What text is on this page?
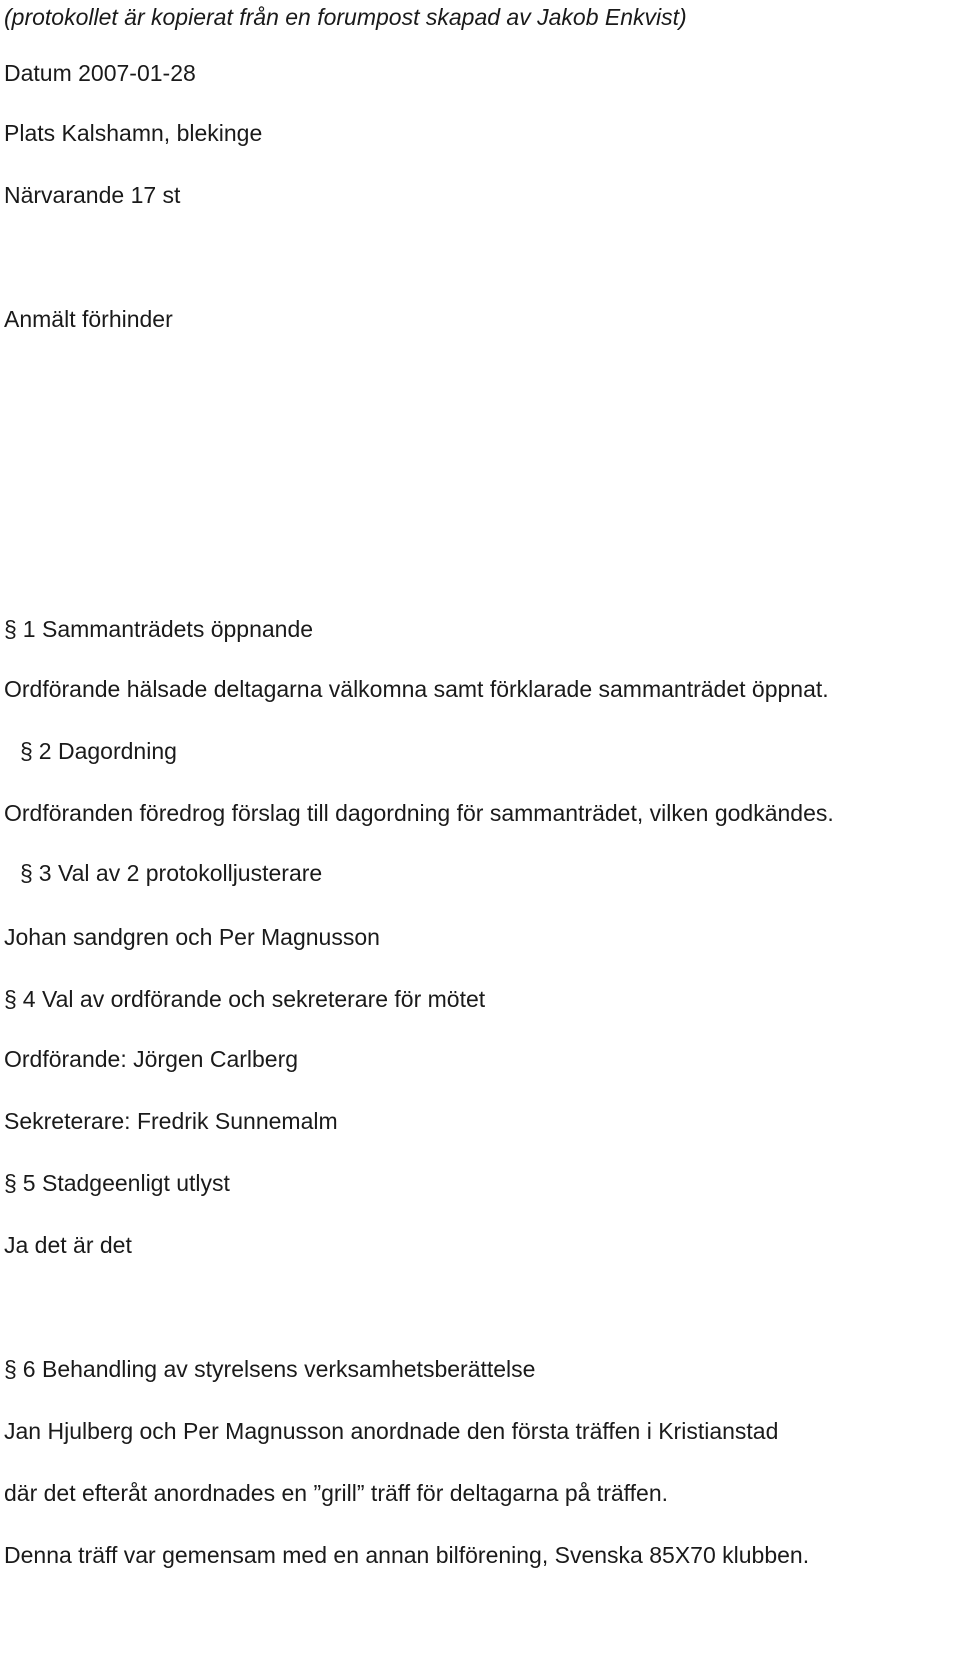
(protokollet är kopierat från en forumpost skapad av Jakob Enkvist)
Datum 2007-01-28
Plats Kalshamn, blekinge
Närvarande 17 st
Anmält förhinder
§ 1 Sammanträdets öppnande
Ordförande hälsade deltagarna välkomna samt förklarade sammanträdet öppnat.
§ 2 Dagordning
Ordföranden föredrog förslag till dagordning för sammanträdet, vilken godkändes.
§ 3 Val av 2 protokolljusterare
Johan sandgren och Per Magnusson
§ 4 Val av ordförande och sekreterare för mötet
Ordförande: Jörgen Carlberg
Sekreterare: Fredrik Sunnemalm
§ 5 Stadgeenligt utlyst
Ja det är det
§ 6 Behandling av styrelsens verksamhetsberättelse
Jan Hjulberg och Per Magnusson anordnade den första träffen i Kristianstad
där det efteråt anordnades en ”grill” träff för deltagarna på träffen.
Denna träff var gemensam med en annan bilförening, Svenska 85X70 klubben.
